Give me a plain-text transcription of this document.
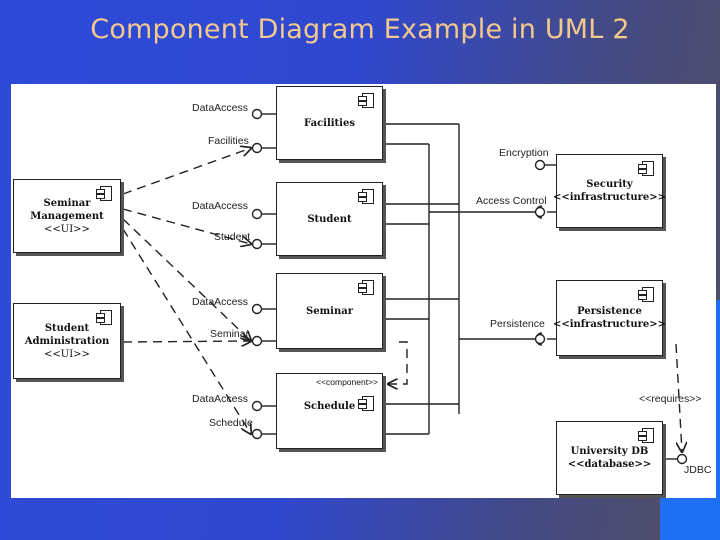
Component Diagram Example in UML 2
Seminar
Management
<<UI>>
Student
Administration
<<UI>>
Facilities
Student
Seminar
<<component>>
Schedule
Security
<<infrastructure>>
Persistence
<<infrastructure>>
University DB
<<database>>
DataAccess
Facilities
DataAccess
Student
DataAccess
Seminar
DataAccess
Schedule
Encryption
Access Control
Persistence
<<requires>>
JDBC
